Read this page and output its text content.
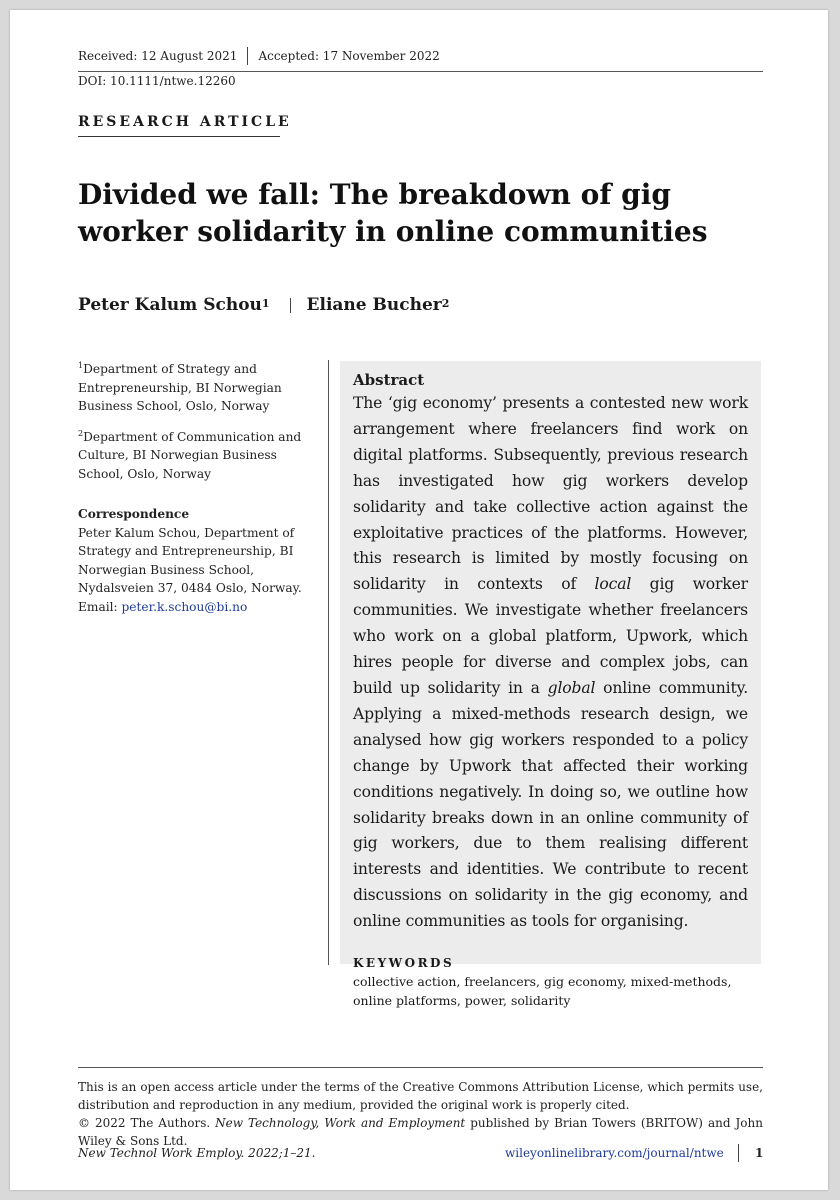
Received: 12 August 2021 Accepted: 17 November 2022
DOI: 10.1111/ntwe.12260
RESEARCH ARTICLE
Divided we fall: The breakdown of gig worker solidarity in online communities
Peter Kalum Schou$^1$ Eliane Bucher$^2$

$^1$Department of Strategy and Entrepreneurship, BI Norwegian Business School, Oslo, Norway

$^2$Department of Communication and Culture, BI Norwegian Business School, Oslo, Norway

Correspondence

Peter Kalum Schou, Department of Strategy and Entrepreneurship, BI Norwegian Business School, Nydalsveien 37, 0484 Oslo, Norway.
Email: peter.k.schou@bi.no

Abstract

The ‘gig economy’ presents a contested new work arrangement where freelancers find work on digital platforms. Subsequently, previous research has investigated how gig workers develop solidarity and take collective action against the exploitative practices of the platforms. However, this research is limited by mostly focusing on solidarity in contexts of local gig worker communities. We investigate whether freelancers who work on a global platform, Upwork, which hires people for diverse and complex jobs, can build up solidarity in a global online community. Applying a mixed-methods research design, we analysed how gig workers responded to a policy change by Upwork that affected their working conditions negatively. In doing so, we outline how solidarity breaks down in an online community of gig workers, due to them realising different interests and identities. We contribute to recent discussions on solidarity in the gig economy, and online communities as tools for organising.

KEYWORDS

collective action, freelancers, gig economy, mixed-methods, online platforms, power, solidarity

This is an open access article under the terms of the Creative Commons Attribution License, which permits use, distribution and reproduction in any medium, provided the original work is properly cited.
© 2022 The Authors. New Technology, Work and Employment published by Brian Towers (BRITOW) and John Wiley & Sons Ltd.
New Technol Work Employ. 2022;1–21.	wileyonlinelibrary.com/journal/ntwe	1
